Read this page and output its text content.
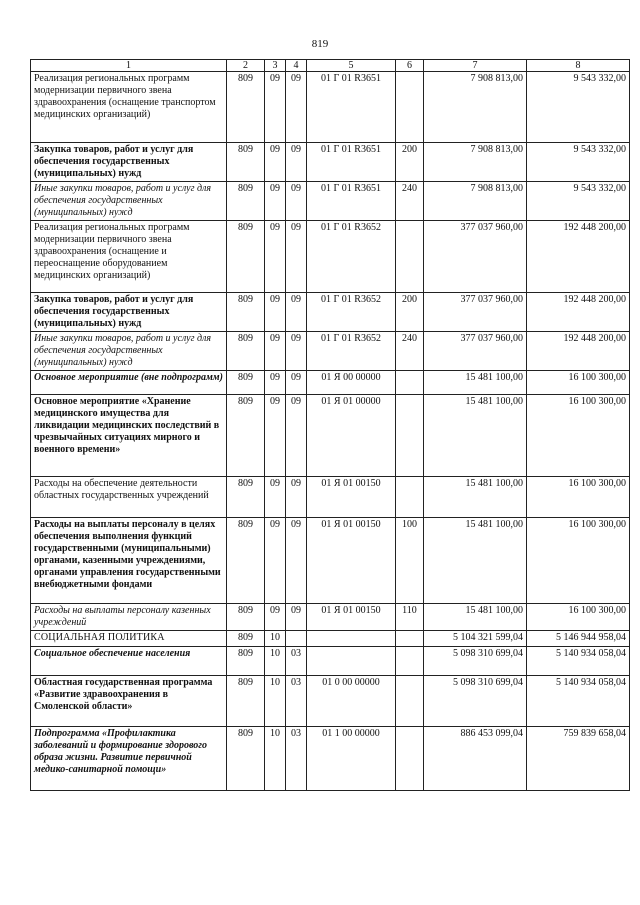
819
1	2	3	4	5	6	7	8
Реализация региональных программ модернизации первичного звена здравоохранения (оснащение транспортом медицинских организаций)	809	09	09	01 Г 01 R3651		7 908 813,00	9 543 332,00
Закупка товаров, работ и услуг для обеспечения государственных (муниципальных) нужд	809	09	09	01 Г 01 R3651	200	7 908 813,00	9 543 332,00
Иные закупки товаров, работ и услуг для обеспечения государственных (муниципальных) нужд	809	09	09	01 Г 01 R3651	240	7 908 813,00	9 543 332,00
Реализация региональных программ модернизации первичного звена здравоохранения (оснащение и переоснащение оборудованием медицинских организаций)	809	09	09	01 Г 01 R3652		377 037 960,00	192 448 200,00
Закупка товаров, работ и услуг для обеспечения государственных (муниципальных) нужд	809	09	09	01 Г 01 R3652	200	377 037 960,00	192 448 200,00
Иные закупки товаров, работ и услуг для обеспечения государственных (муниципальных) нужд	809	09	09	01 Г 01 R3652	240	377 037 960,00	192 448 200,00
Основное мероприятие (вне подпрограмм)	809	09	09	01 Я 00 00000		15 481 100,00	16 100 300,00
Основное мероприятие «Хранение медицинского имущества для ликвидации медицинских последствий в чрезвычайных ситуациях мирного и военного времени»	809	09	09	01 Я 01 00000		15 481 100,00	16 100 300,00
Расходы на обеспечение деятельности областных государственных учреждений	809	09	09	01 Я 01 00150		15 481 100,00	16 100 300,00
Расходы на выплаты персоналу в целях обеспечения выполнения функций государственными (муниципальными) органами, казенными учреждениями, органами управления государственными внебюджетными фондами	809	09	09	01 Я 01 00150	100	15 481 100,00	16 100 300,00
Расходы на выплаты персоналу казенных учреждений	809	09	09	01 Я 01 00150	110	15 481 100,00	16 100 300,00
СОЦИАЛЬНАЯ ПОЛИТИКА	809	10				5 104 321 599,04	5 146 944 958,04
Социальное обеспечение населения	809	10	03			5 098 310 699,04	5 140 934 058,04
Областная государственная программа «Развитие здравоохранения в Смоленской области»	809	10	03	01 0 00 00000		5 098 310 699,04	5 140 934 058,04
Подпрограмма «Профилактика заболеваний и формирование здорового образа жизни. Развитие первичной медико-санитарной помощи»	809	10	03	01 1 00 00000		886 453 099,04	759 839 658,04
